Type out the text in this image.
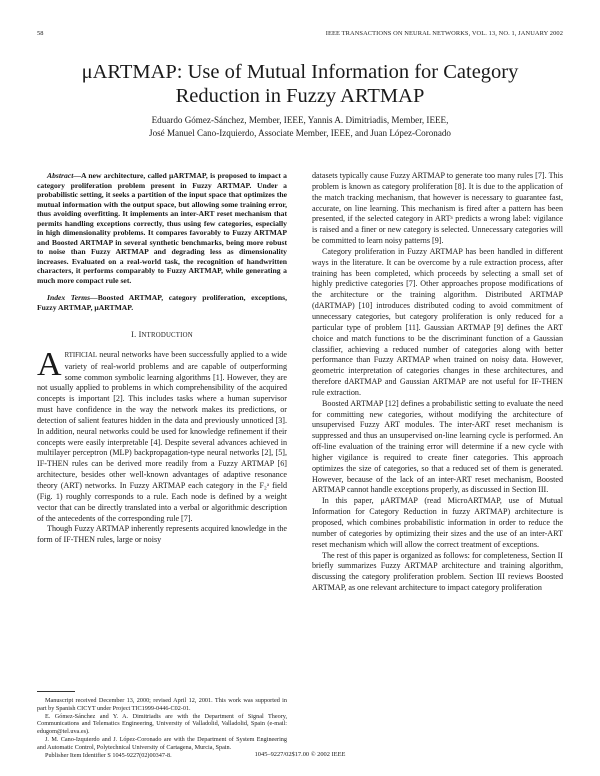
58	IEEE TRANSACTIONS ON NEURAL NETWORKS, VOL. 13, NO. 1, JANUARY 2002
μARTMAP: Use of Mutual Information for Category
Reduction in Fuzzy ARTMAP
Eduardo Gómez-Sánchez, Member, IEEE, Yannis A. Dimitriadis, Member, IEEE,
José Manuel Cano-Izquierdo, Associate Member, IEEE, and Juan López-Coronado

Abstract—A new architecture, called μARTMAP, is proposed to impact a category proliferation problem present in Fuzzy ARTMAP. Under a probabilistic setting, it seeks a partition of the input space that optimizes the mutual information with the output space, but allowing some training error, thus avoiding overfitting. It implements an inter-ART reset mechanism that permits handling exceptions correctly, thus using few categories, especially in high dimensionality problems. It compares favorably to Fuzzy ARTMAP and Boosted ARTMAP in several synthetic benchmarks, being more robust to noise than Fuzzy ARTMAP and degrading less as dimensionality increases. Evaluated on a real-world task, the recognition of handwritten characters, it performs comparably to Fuzzy ARTMAP, while generating a much more compact rule set.

Index Terms—Boosted ARTMAP, category proliferation, exceptions, Fuzzy ARTMAP, μARTMAP.

I. INTRODUCTION

ARTIFICIAL neural networks have been successfully applied to a wide variety of real-world problems and are capable of outperforming some common symbolic learning algorithms [1]. However, they are not usually applied to problems in which comprehensibility of the acquired concepts is important [2]. This includes tasks where a human supervisor must have confidence in the way the network makes its predictions, or detection of salient features hidden in the data and previously unnoticed [3]. In addition, neural networks could be used for knowledge refinement if their concepts were easily interpretable [4]. Despite several advances achieved in multilayer perceptron (MLP) backpropagation-type neural networks [2], [5], IF-THEN rules can be derived more readily from a Fuzzy ARTMAP [6] architecture, besides other well-known advantages of adaptive resonance theory (ART) networks. In Fuzzy ARTMAP each category in the F₂ᵃ field (Fig. 1) roughly corresponds to a rule. Each node is defined by a weight vector that can be directly translated into a verbal or algorithmic description of the antecedents of the corresponding rule [7].

Though Fuzzy ARTMAP inherently represents acquired knowledge in the form of IF-THEN rules, large or noisy

Manuscript received December 13, 2000; revised April 12, 2001. This work was supported in part by Spanish CICYT under Project TIC1999-0446-C02-01.

E. Gómez-Sánchez and Y. A. Dimitriadis are with the Department of Signal Theory, Communications and Telematics Engineering, University of Valladolid, Valladolid, Spain (e-mail: edugom@tel.uva.es).

J. M. Cano-Izquierdo and J. López-Coronado are with the Department of System Engineering and Automatic Control, Polytechnical University of Cartagena, Murcia, Spain.

Publisher Item Identifier S 1045-9227(02)00347-8.

datasets typically cause Fuzzy ARTMAP to generate too many rules [7]. This problem is known as category proliferation [8]. It is due to the application of the match tracking mechanism, that however is necessary to guarantee fast, accurate, on line learning. This mechanism is fired after a pattern has been presented, if the selected category in ARTᵃ predicts a wrong label: vigilance is raised and a finer or new category is selected. Unnecessary categories will be committed to learn noisy patterns [9].

Category proliferation in Fuzzy ARTMAP has been handled in different ways in the literature. It can be overcome by a rule extraction process, after training has been completed, which proceeds by selecting a small set of highly predictive categories [7]. Other approaches propose modifications of the architecture or the training algorithm. Distributed ARTMAP (dARTMAP) [10] introduces distributed coding to avoid commitment of unnecessary categories, but category proliferation is only reduced for a particular type of problem [11]. Gaussian ARTMAP [9] defines the ART choice and match functions to be the discriminant function of a Gaussian classifier, achieving a reduced number of categories along with better performance than Fuzzy ARTMAP when trained on noisy data. However, geometric interpretation of categories changes in these architectures, and therefore dARTMAP and Gaussian ARTMAP are not useful for IF-THEN rule extraction.

Boosted ARTMAP [12] defines a probabilistic setting to evaluate the need for committing new categories, without modifying the architecture of unsupervised Fuzzy ART modules. The inter-ART reset mechanism is suppressed and thus an unsupervised on-line learning cycle is performed. An off-line evaluation of the training error will determine if a new cycle with higher vigilance is required to create finer categories. This approach optimizes the size of categories, so that a reduced set of them is generated. However, because of the lack of an inter-ART reset mechanism, Boosted ARTMAP cannot handle exceptions properly, as discussed in Section III.

In this paper, μARTMAP (read MicroARTMAP, use of Mutual Information for Category Reduction in fuzzy ARTMAP) architecture is proposed, which combines probabilistic information in order to reduce the number of categories by optimizing their sizes and the use of an inter-ART reset mechanism which will allow the correct treatment of exceptions.

The rest of this paper is organized as follows: for completeness, Section II briefly summarizes Fuzzy ARTMAP architecture and training algorithm, discussing the category proliferation problem. Section III reviews Boosted ARTMAP, as one relevant architecture to impact category proliferation

1045–9227/02$17.00 © 2002 IEEE
